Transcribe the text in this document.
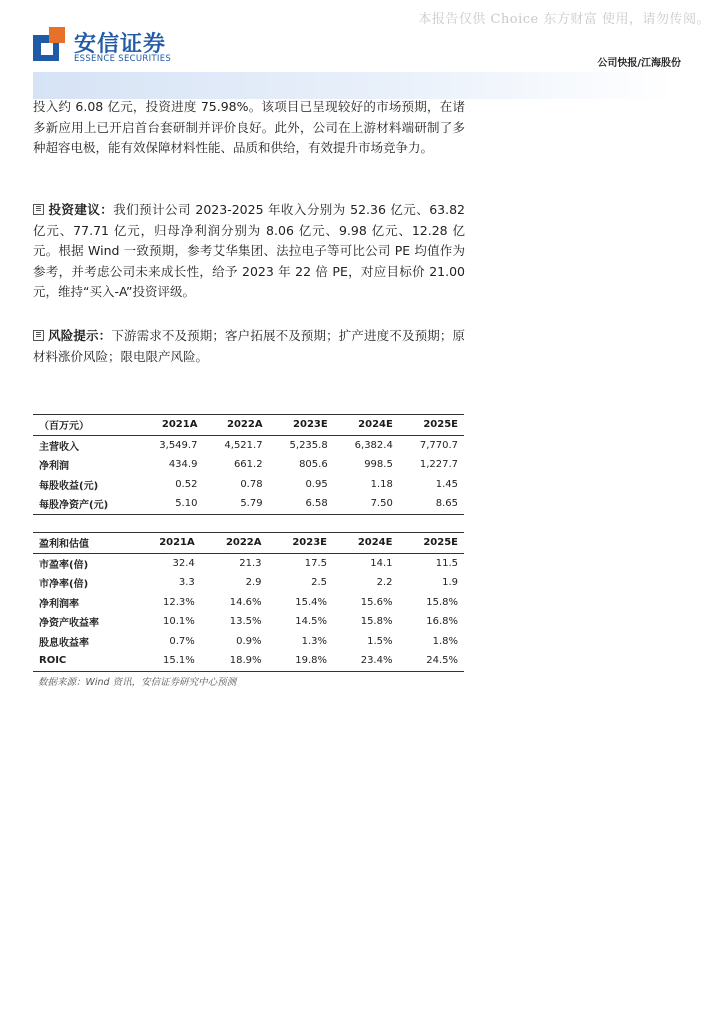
本报告仅供 Choice 东方财富 使用，请勿传阅。
安信证券
ESSENCE SECURITIES	公司快报/江海股份
投入约 6.08 亿元，投资进度 75.98%。该项目已呈现较好的市场预期，在诸多新应用上已开启首台套研制并评价良好。此外，公司在上游材料端研制了多种超容电极，能有效保障材料性能、品质和供给，有效提升市场竞争力。
投资建议：我们预计公司 2023-2025 年收入分别为 52.36 亿元、63.82 亿元、77.71 亿元，归母净利润分别为 8.06 亿元、9.98 亿元、12.28 亿元。根据 Wind 一致预期，参考艾华集团、法拉电子等可比公司 PE 均值作为参考，并考虑公司未来成长性，给予 2023 年 22 倍 PE，对应目标价 21.00 元，维持“买入-A”投资评级。
风险提示：下游需求不及预期；客户拓展不及预期；扩产进度不及预期；原材料涨价风险；限电限产风险。
（百万元）	2021A	2022A	2023E	2024E	2025E
主营收入	3,549.7	4,521.7	5,235.8	6,382.4	7,770.7
净利润	434.9	661.2	805.6	998.5	1,227.7
每股收益(元)	0.52	0.78	0.95	1.18	1.45
每股净资产(元)	5.10	5.79	6.58	7.50	8.65
盈利和估值	2021A	2022A	2023E	2024E	2025E
市盈率(倍)	32.4	21.3	17.5	14.1	11.5
市净率(倍)	3.3	2.9	2.5	2.2	1.9
净利润率	12.3%	14.6%	15.4%	15.6%	15.8%
净资产收益率	10.1%	13.5%	14.5%	15.8%	16.8%
股息收益率	0.7%	0.9%	1.3%	1.5%	1.8%
ROIC	15.1%	18.9%	19.8%	23.4%	24.5%
数据来源：Wind 资讯，安信证券研究中心预测
